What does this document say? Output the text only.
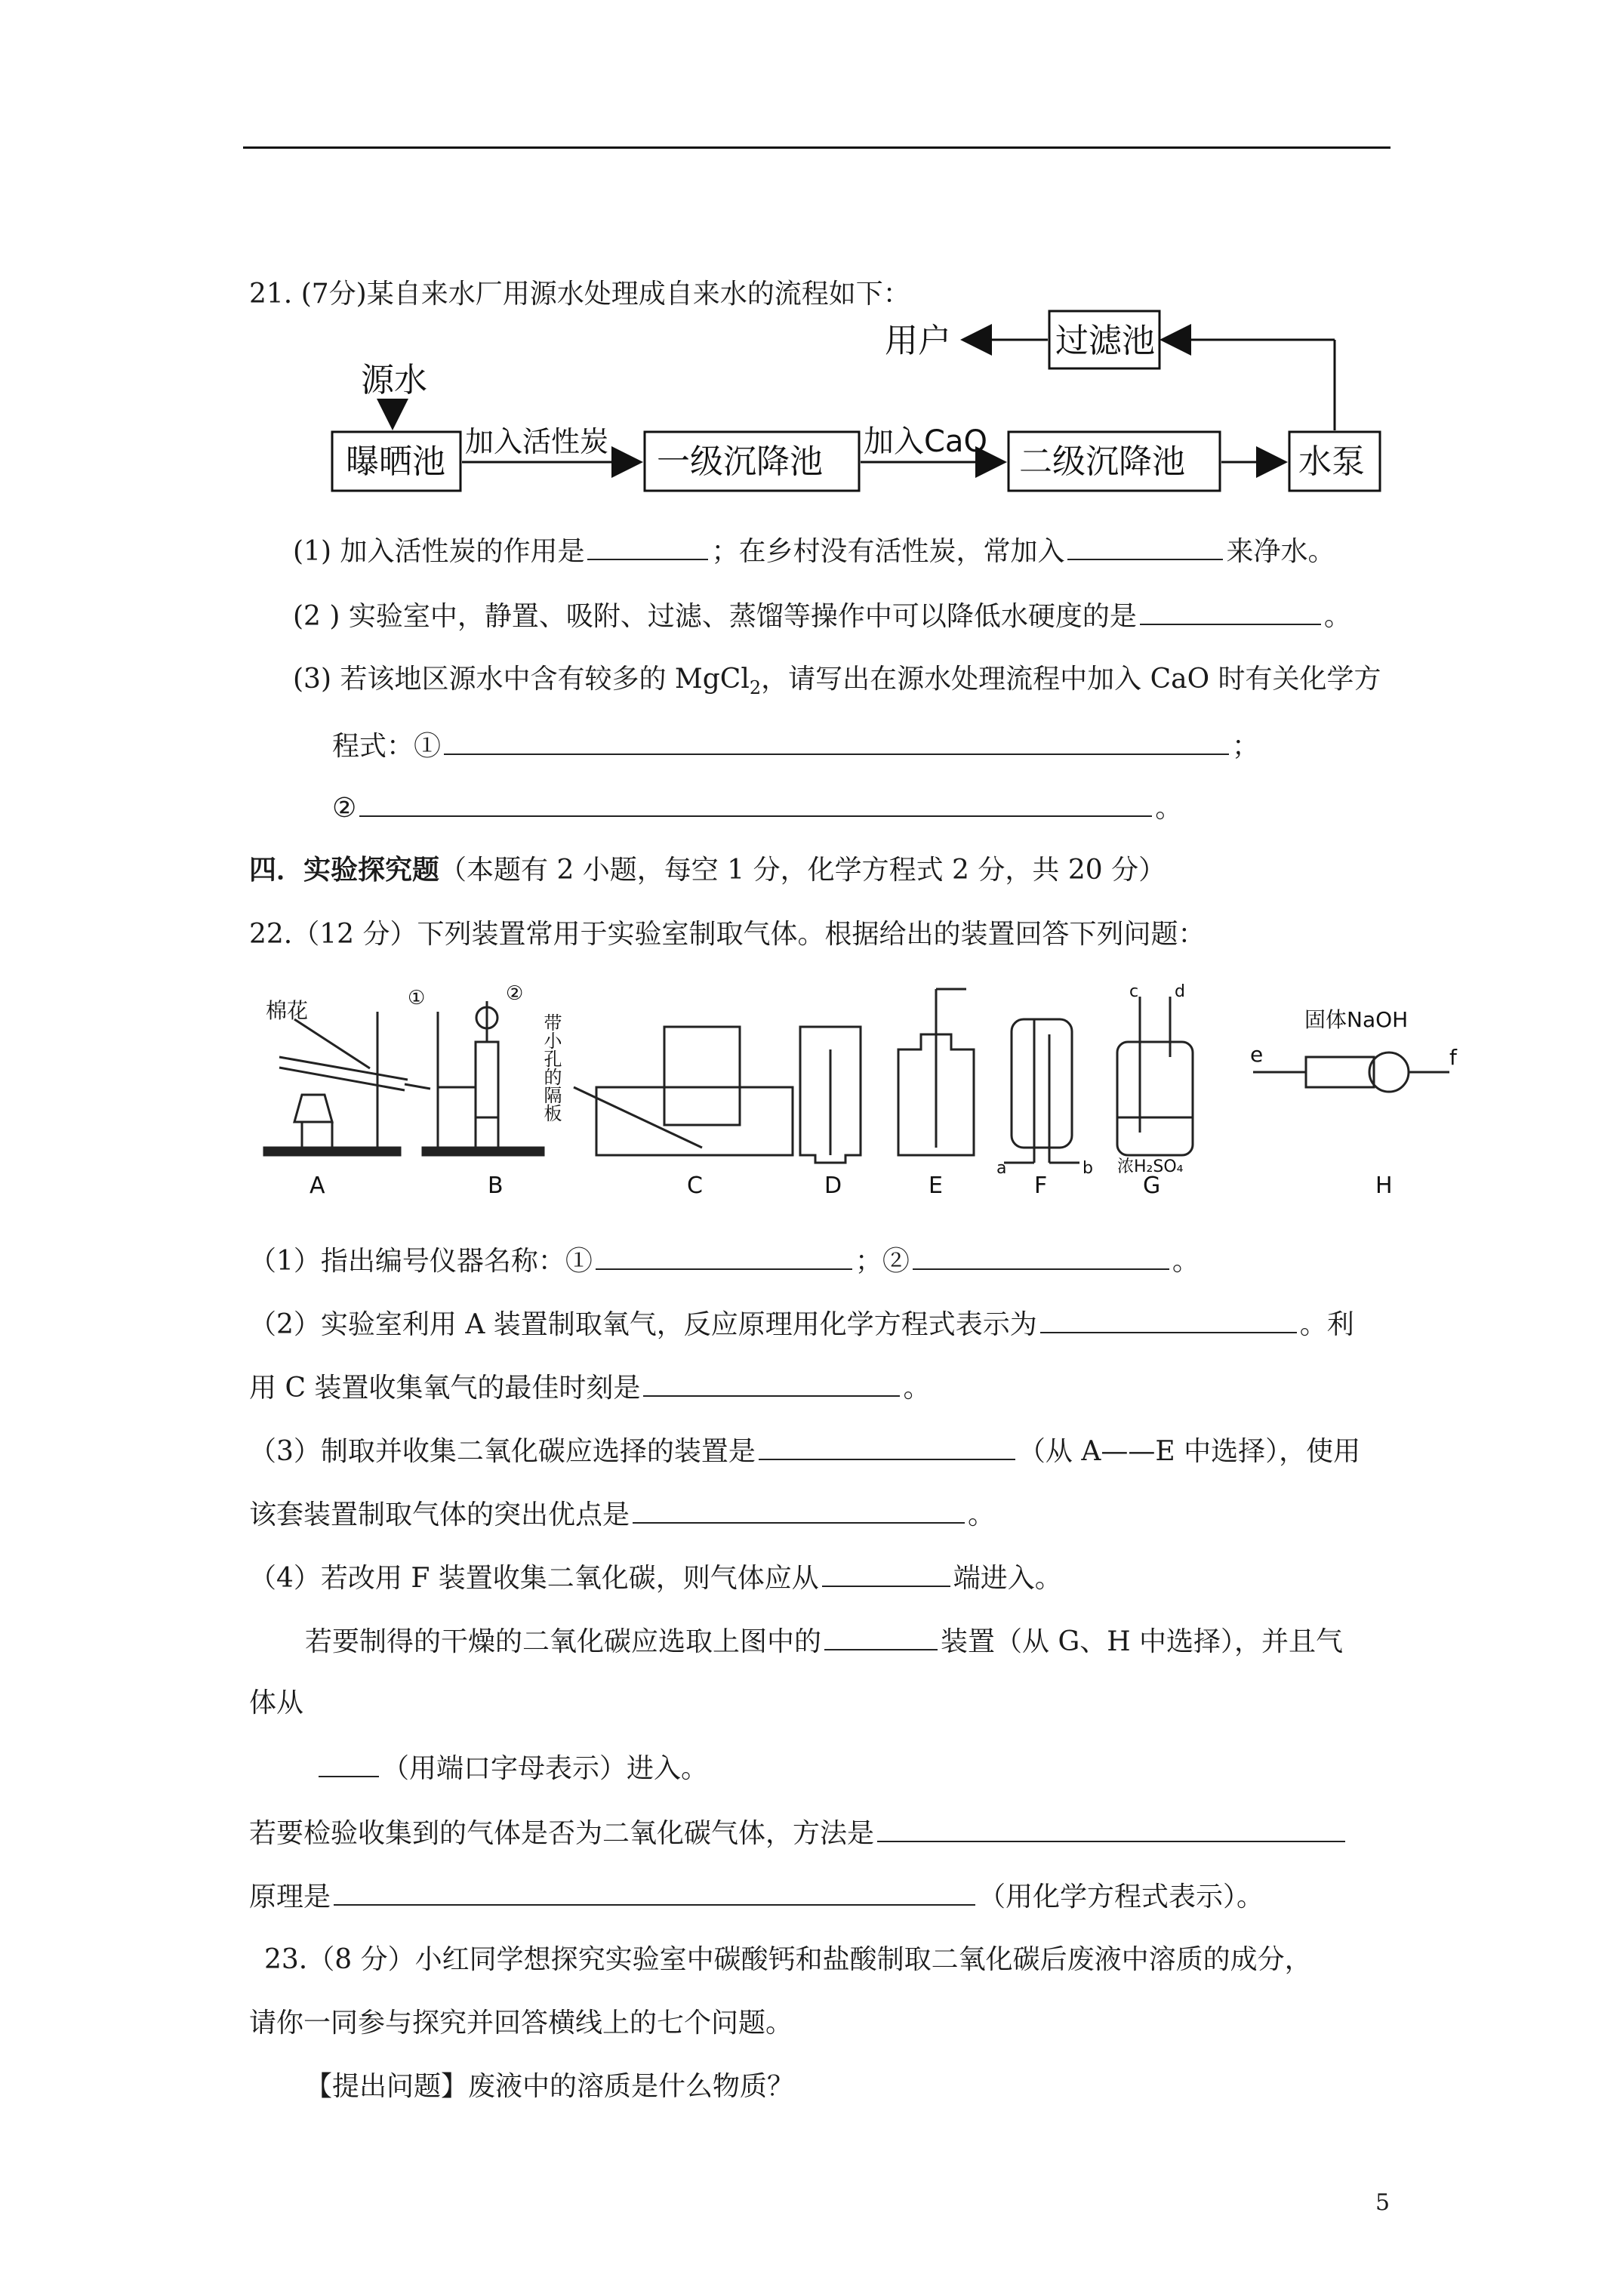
21. (7分)某自来水厂用源水处理成自来水的流程如下：
源水
曝晒池
加入活性炭
一级沉降池
加入CaO
二级沉降池	水泵
过滤池
用户
(1) 加入活性炭的作用是	；在乡村没有活性炭，常加入	来净水。
(2 ) 实验室中，静置、吸附、过滤、蒸馏等操作中可以降低水硬度的是	。
(3) 若该地区源水中含有较多的 MgCl$_2$，请写出在源水处理流程中加入 CaO 时有关化学方
程式：①	；
②	。
四．实验探究题（本题有 2 小题，每空 1 分，化学方程式 2 分，共 20 分）
22.（12 分）下列装置常用于实验室制取气体。根据给出的装置回答下列问题：
棉花	①	②
带小孔的隔板
a	b
c d
浓H₂SO₄
固体NaOH
e	f
A	B	C	D	E	F	G	H
（1）指出编号仪器名称：①	；②	。
（2）实验室利用 A 装置制取氧气，反应原理用化学方程式表示为	。利
用 C 装置收集氧气的最佳时刻是	。
（3）制取并收集二氧化碳应选择的装置是	（从 A——E 中选择），使用
该套装置制取气体的突出优点是	。
（4）若改用 F 装置收集二氧化碳，则气体应从	端进入。
若要制得的干燥的二氧化碳应选取上图中的	装置（从 G、H 中选择），并且气
体从
（用端口字母表示）进入。
若要检验收集到的气体是否为二氧化碳气体，方法是
原理是	（用化学方程式表示）。
23.（8 分）小红同学想探究实验室中碳酸钙和盐酸制取二氧化碳后废液中溶质的成分，
请你一同参与探究并回答横线上的七个问题。
【提出问题】废液中的溶质是什么物质？
5
